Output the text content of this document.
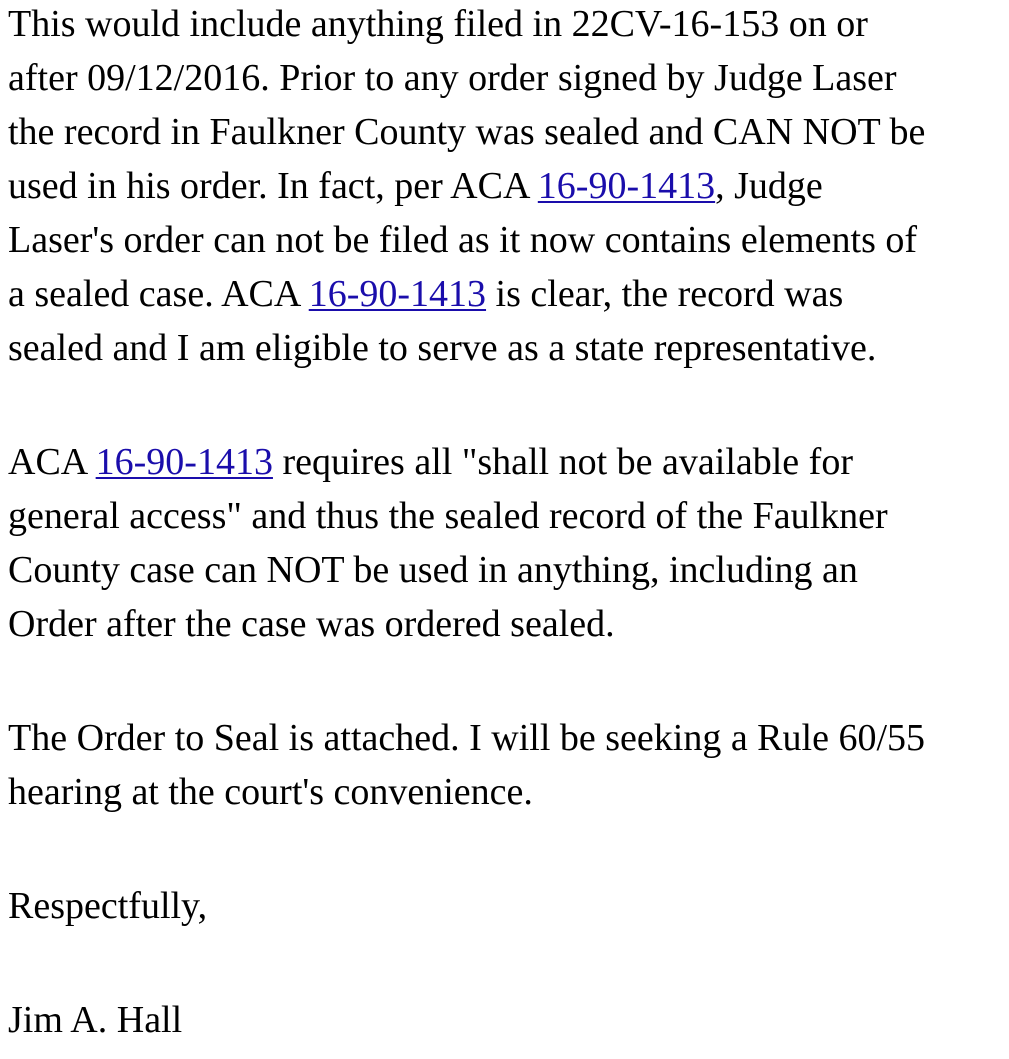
This would include anything filed in 22CV-16-153 on or
after 09/12/2016. Prior to any order signed by Judge Laser
the record in Faulkner County was sealed and CAN NOT be
used in his order. In fact, per ACA 16-90-1413, Judge
Laser's order can not be filed as it now contains elements of
a sealed case. ACA 16-90-1413 is clear, the record was
sealed and I am eligible to serve as a state representative.
ACA 16-90-1413 requires all "shall not be available for
general access" and thus the sealed record of the Faulkner
County case can NOT be used in anything, including an
Order after the case was ordered sealed.
The Order to Seal is attached. I will be seeking a Rule 60/55
hearing at the court's convenience.
Respectfully,
Jim A. Hall
